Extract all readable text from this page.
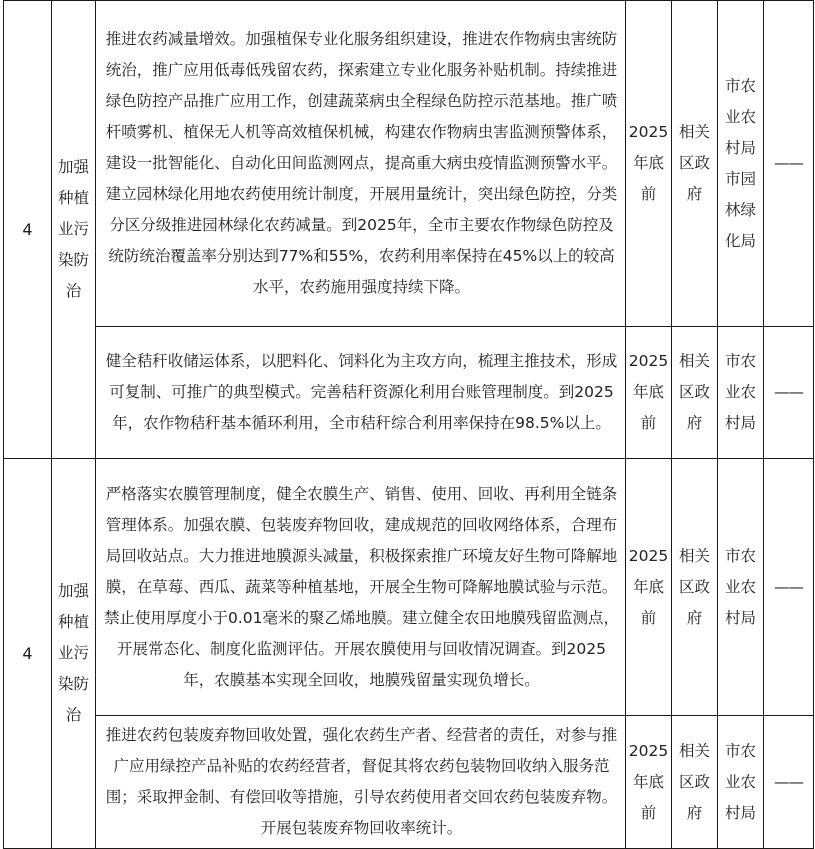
4	加强种植业污染防治	推进农药减量增效。加强植保专业化服务组织建设，推进农作物病虫害统防统治，推广应用低毒低残留农药，探索建立专业化服务补贴机制。持续推进绿色防控产品推广应用工作，创建蔬菜病虫全程绿色防控示范基地。推广喷杆喷雾机、植保无人机等高效植保机械，构建农作物病虫害监测预警体系，建设一批智能化、自动化田间监测网点，提高重大病虫疫情监测预警水平。建立园林绿化用地农药使用统计制度，开展用量统计，突出绿色防控，分类分区分级推进园林绿化农药减量。到2025年，全市主要农作物绿色防控及统防统治覆盖率分别达到77%和55%，农药利用率保持在45%以上的较高水平，农药施用强度持续下降。	2025年底前	相关区政府	市农业农村局市园林绿化局	——
		健全秸秆收储运体系，以肥料化、饲料化为主攻方向，梳理主推技术，形成可复制、可推广的典型模式。完善秸秆资源化利用台账管理制度。到2025年，农作物秸秆基本循环利用，全市秸秆综合利用率保持在98.5%以上。	2025年底前	相关区政府	市农业农村局	——
4	加强种植业污染防治	严格落实农膜管理制度，健全农膜生产、销售、使用、回收、再利用全链条管理体系。加强农膜、包装废弃物回收，建成规范的回收网络体系，合理布局回收站点。大力推进地膜源头减量，积极探索推广环境友好生物可降解地膜，在草莓、西瓜、蔬菜等种植基地，开展全生物可降解地膜试验与示范。禁止使用厚度小于0.01毫米的聚乙烯地膜。建立健全农田地膜残留监测点，开展常态化、制度化监测评估。开展农膜使用与回收情况调查。到2025年，农膜基本实现全回收，地膜残留量实现负增长。	2025年底前	相关区政府	市农业农村局	——
		推进农药包装废弃物回收处置，强化农药生产者、经营者的责任，对参与推广应用绿控产品补贴的农药经营者，督促其将农药包装物回收纳入服务范围；采取押金制、有偿回收等措施，引导农药使用者交回农药包装废弃物。开展包装废弃物回收率统计。	2025年底前	相关区政府	市农业农村局	——
